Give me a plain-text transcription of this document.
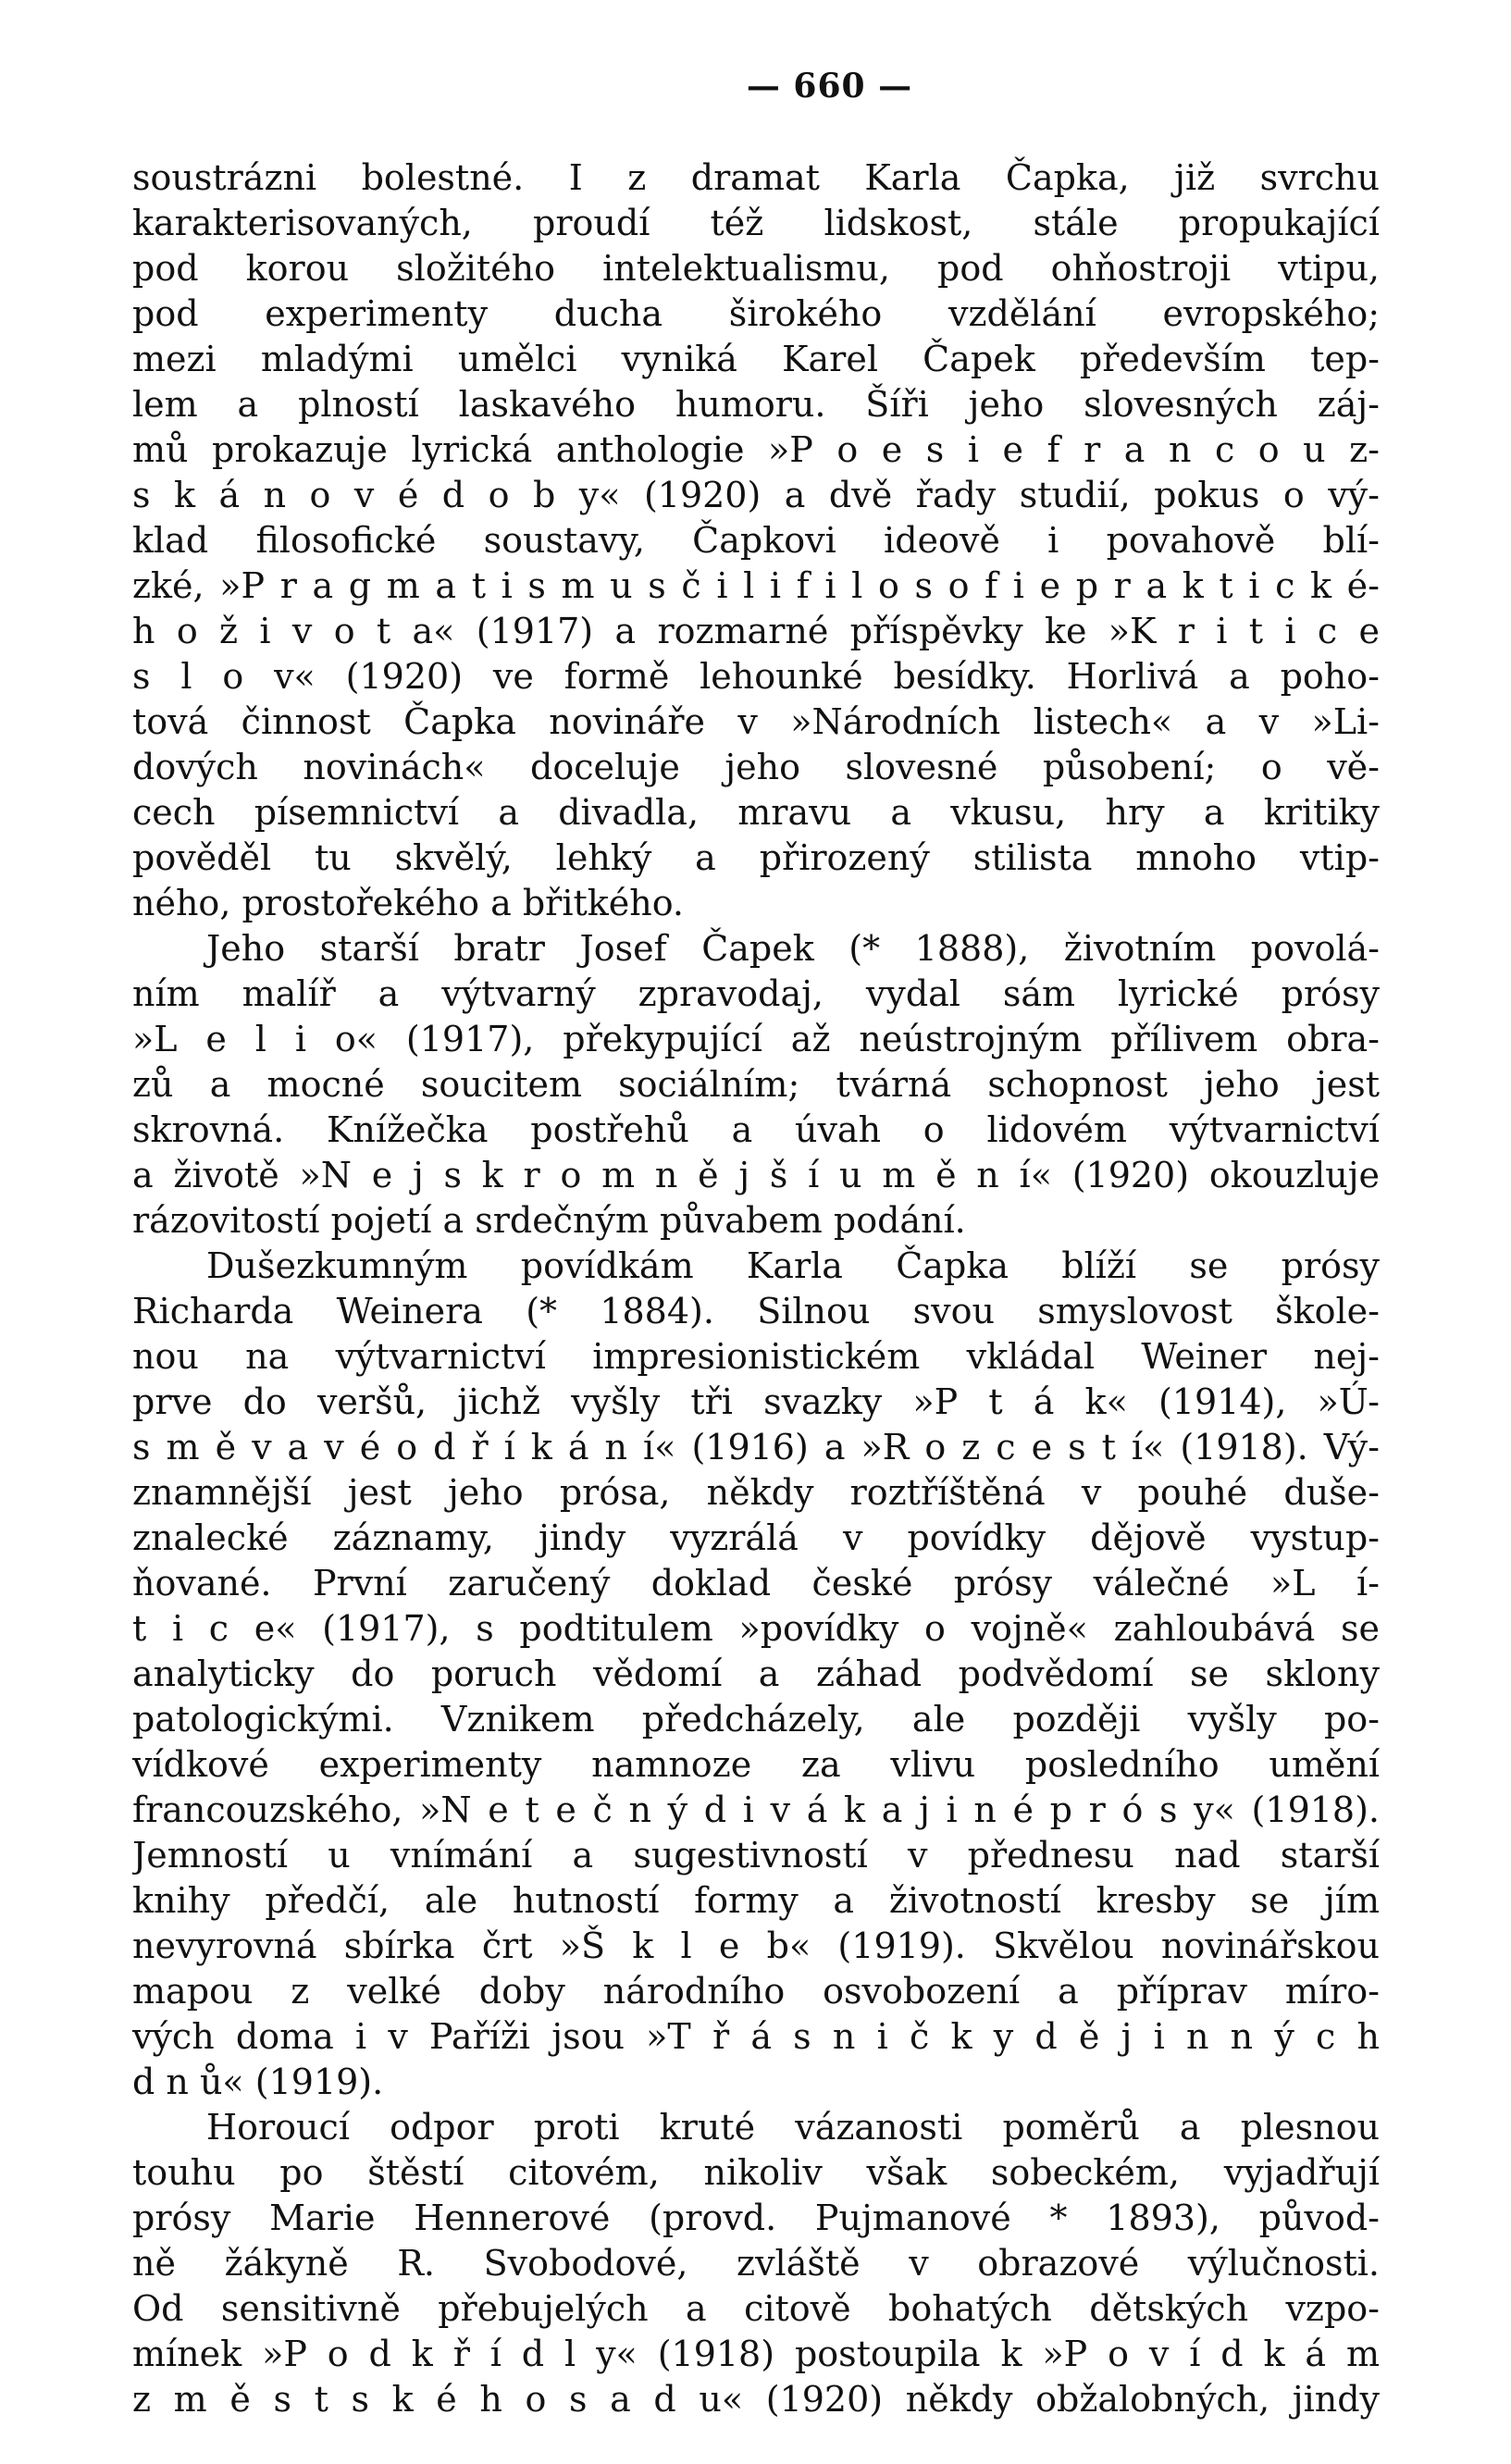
— 660 —
soustrázni bolestné. I z dramat Karla Čapka, již svrchu
karakterisovaných, proudí též lidskost, stále propukající
pod korou složitého intelektualismu, pod ohňostroji vtipu,
pod experimenty ducha širokého vzdělání evropského;
mezi mladými umělci vyniká Karel Čapek především tep-
lem a plností laskavého humoru. Šíři jeho slovesných záj-
mů prokazuje lyrická anthologie »P o e s i e f r a n c o u z-
s k á n o v é d o b y« (1920) a dvě řady studií, pokus o vý-
klad filosofické soustavy, Čapkovi ideově i povahově blí-
zké, »P r a g m a t i s m u s č i l i f i l o s o f i e p r a k t i c k é-
h o ž i v o t a« (1917) a rozmarné příspěvky ke »K r i t i c e
s l o v« (1920) ve formě lehounké besídky. Horlivá a poho-
tová činnost Čapka novináře v »Národních listech« a v »Li-
dových novinách« doceluje jeho slovesné působení; o vě-
cech písemnictví a divadla, mravu a vkusu, hry a kritiky
pověděl tu skvělý, lehký a přirozený stilista mnoho vtip-
ného, prostořekého a břitkého.
Jeho starší bratr Josef Čapek (* 1888), životním povolá-
ním malíř a výtvarný zpravodaj, vydal sám lyrické prósy
»L e l i o« (1917), překypující až neústrojným přílivem obra-
zů a mocné soucitem sociálním; tvárná schopnost jeho jest
skrovná. Knížečka postřehů a úvah o lidovém výtvarnictví
a životě »N e j s k r o m n ě j š í u m ě n í« (1920) okouzluje
rázovitostí pojetí a srdečným půvabem podání.
Dušezkumným povídkám Karla Čapka blíží se prósy
Richarda Weinera (* 1884). Silnou svou smyslovost škole-
nou na výtvarnictví impresionistickém vkládal Weiner nej-
prve do veršů, jichž vyšly tři svazky »P t á k« (1914), »Ú-
s m ě v a v é o d ř í k á n í« (1916) a »R o z c e s t í« (1918). Vý-
znamnější jest jeho prósa, někdy roztříštěná v pouhé duše-
znalecké záznamy, jindy vyzrálá v povídky dějově vystup-
ňované. První zaručený doklad české prósy válečné »L í-
t i c e« (1917), s podtitulem »povídky o vojně« zahloubává se
analyticky do poruch vědomí a záhad podvědomí se sklony
patologickými. Vznikem předcházely, ale později vyšly po-
vídkové experimenty namnoze za vlivu posledního umění
francouzského, »N e t e č n ý d i v á k a j i n é p r ó s y« (1918).
Jemností u vnímání a sugestivností v přednesu nad starší
knihy předčí, ale hutností formy a životností kresby se jím
nevyrovná sbírka črt »Š k l e b« (1919). Skvělou novinářskou
mapou z velké doby národního osvobození a příprav míro-
vých doma i v Paříži jsou »T ř á s n i č k y d ě j i n n ý c h
d n ů« (1919).
Horoucí odpor proti kruté vázanosti poměrů a plesnou
touhu po štěstí citovém, nikoliv však sobeckém, vyjadřují
prósy Marie Hennerové (provd. Pujmanové * 1893), původ-
ně žákyně R. Svobodové, zvláště v obrazové výlučnosti.
Od sensitivně přebujelých a citově bohatých dětských vzpo-
mínek »P o d k ř í d l y« (1918) postoupila k »P o v í d k á m
z m ě s t s k é h o s a d u« (1920) někdy obžalobných, jindy
